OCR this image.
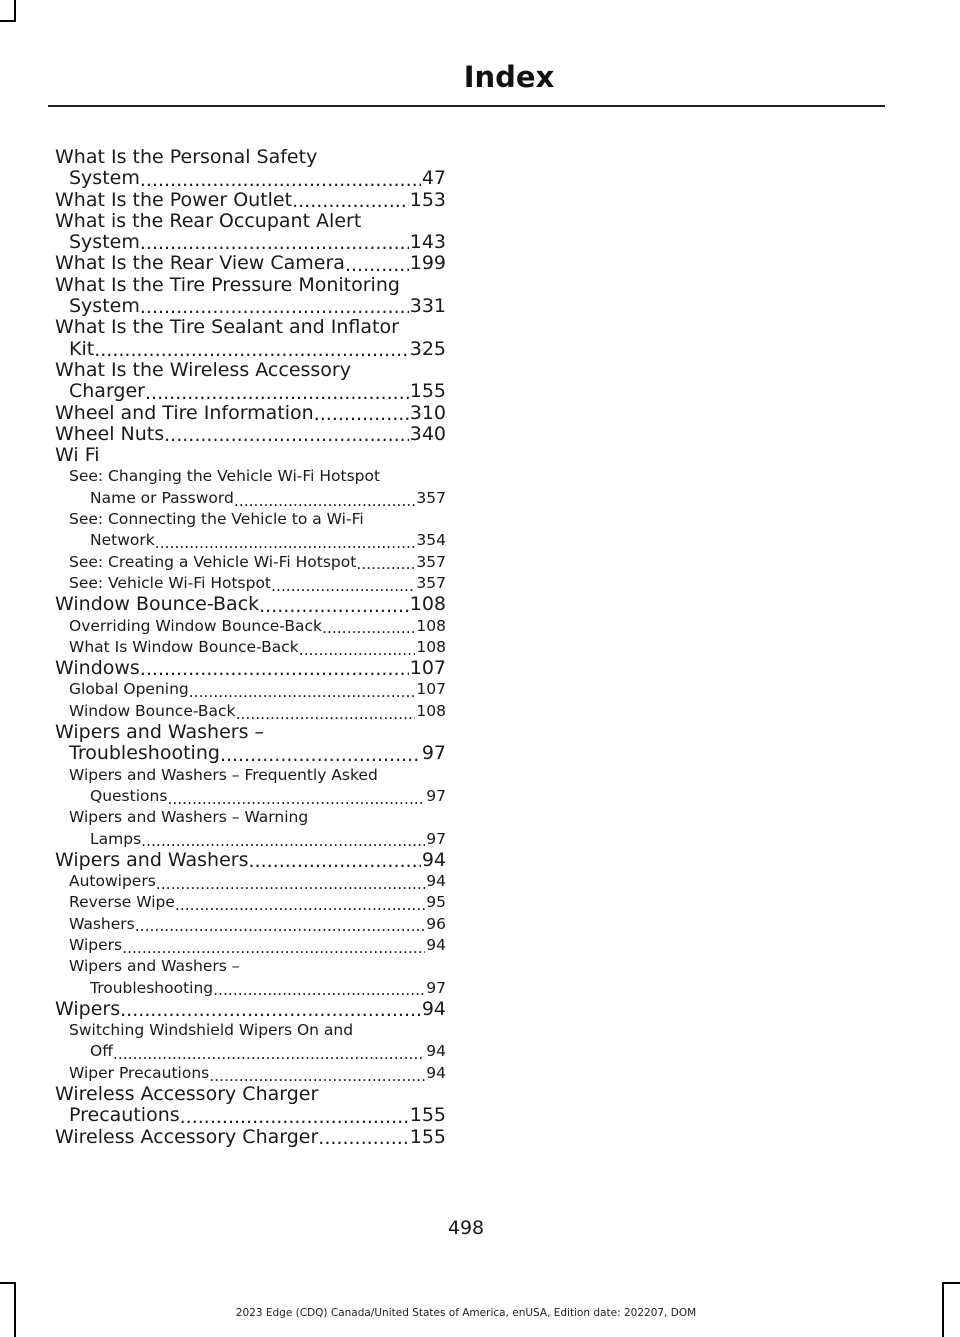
Index
What Is the Personal Safety
System .....	47
What Is the Power Outlet .....	153
What is the Rear Occupant Alert
System .....	143
What Is the Rear View Camera .....	199
What Is the Tire Pressure Monitoring
System .....	331
What Is the Tire Sealant and Inflator
Kit .....	325
What Is the Wireless Accessory
Charger .....	155
Wheel and Tire Information .....	310
Wheel Nuts .....	340
Wi Fi
See: Changing the Vehicle Wi-Fi Hotspot
Name or Password .....	357
See: Connecting the Vehicle to a Wi-Fi
Network .....	354
See: Creating a Vehicle Wi-Fi Hotspot .....	357
See: Vehicle Wi-Fi Hotspot .....	357
Window Bounce-Back .....	108
Overriding Window Bounce-Back .....	108
What Is Window Bounce-Back .....	108
Windows .....	107
Global Opening .....	107
Window Bounce-Back .....	108
Wipers and Washers –
Troubleshooting .....	97
Wipers and Washers – Frequently Asked
Questions .....	97
Wipers and Washers – Warning
Lamps .....	97
Wipers and Washers .....	94
Autowipers .....	94
Reverse Wipe .....	95
Washers .....	96
Wipers .....	94
Wipers and Washers –
Troubleshooting .....	97
Wipers .....	94
Switching Windshield Wipers On and
Off .....	94
Wiper Precautions .....	94
Wireless Accessory Charger
Precautions .....	155
Wireless Accessory Charger .....	155
498
2023 Edge (CDQ) Canada/United States of America, enUSA, Edition date: 202207, DOM
